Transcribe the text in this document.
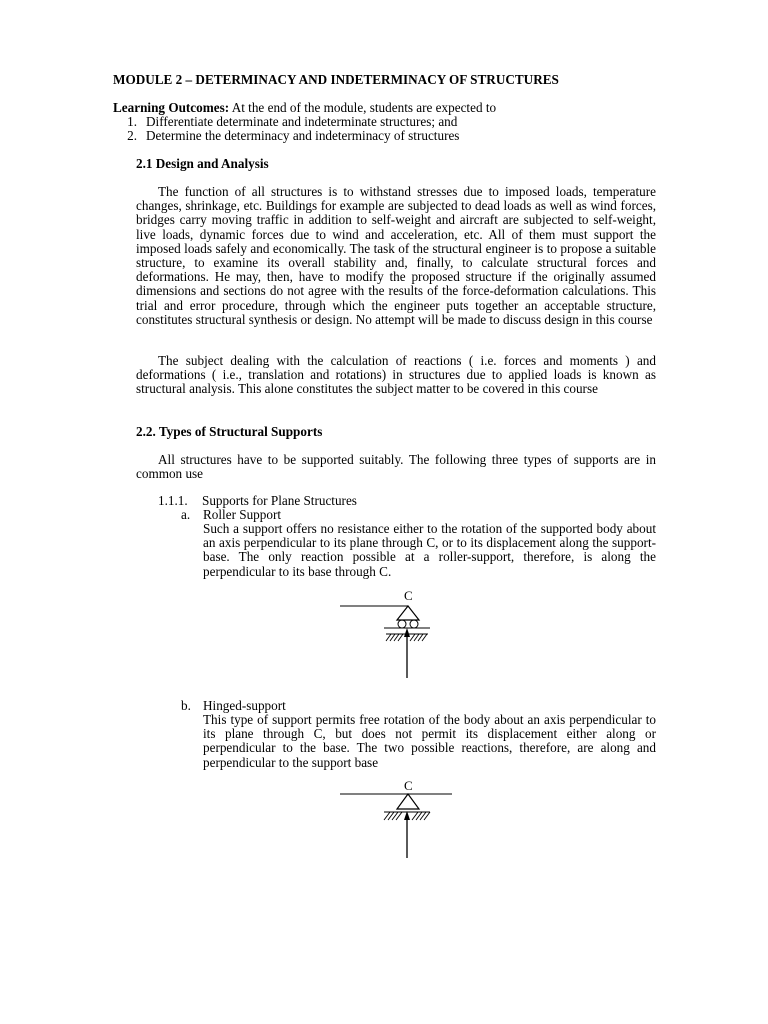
MODULE 2 – DETERMINACY AND INDETERMINACY OF STRUCTURES
Learning Outcomes: At the end of the module, students are expected to
1. Differentiate determinate and indeterminate structures; and
2. Determine the determinacy and indeterminacy of structures
2.1 Design and Analysis
The function of all structures is to withstand stresses due to imposed loads, temperature changes, shrinkage, etc. Buildings for example are subjected to dead loads as well as wind forces, bridges carry moving traffic in addition to self-weight and aircraft are subjected to self-weight, live loads, dynamic forces due to wind and acceleration, etc. All of them must support the imposed loads safely and economically. The task of the structural engineer is to propose a suitable structure, to examine its overall stability and, finally, to calculate structural forces and deformations. He may, then, have to modify the proposed structure if the originally assumed dimensions and sections do not agree with the results of the force-deformation calculations. This trial and error procedure, through which the engineer puts together an acceptable structure, constitutes structural synthesis or design. No attempt will be made to discuss design in this course
The subject dealing with the calculation of reactions ( i.e. forces and moments ) and deformations ( i.e., translation and rotations) in structures due to applied loads is known as structural analysis. This alone constitutes the subject matter to be covered in this course
2.2. Types of Structural Supports
All structures have to be supported suitably. The following three types of supports are in common use
1.1.1. Supports for Plane Structures
a. Roller Support
Such a support offers no resistance either to the rotation of the supported body about an axis perpendicular to its plane through C, or to its displacement along the support-base. The only reaction possible at a roller-support, therefore, is along the perpendicular to its base through C.
C
b. Hinged-support
This type of support permits free rotation of the body about an axis perpendicular to its plane through C, but does not permit its displacement either along or perpendicular to the base. The two possible reactions, therefore, are along and perpendicular to the support base
C
